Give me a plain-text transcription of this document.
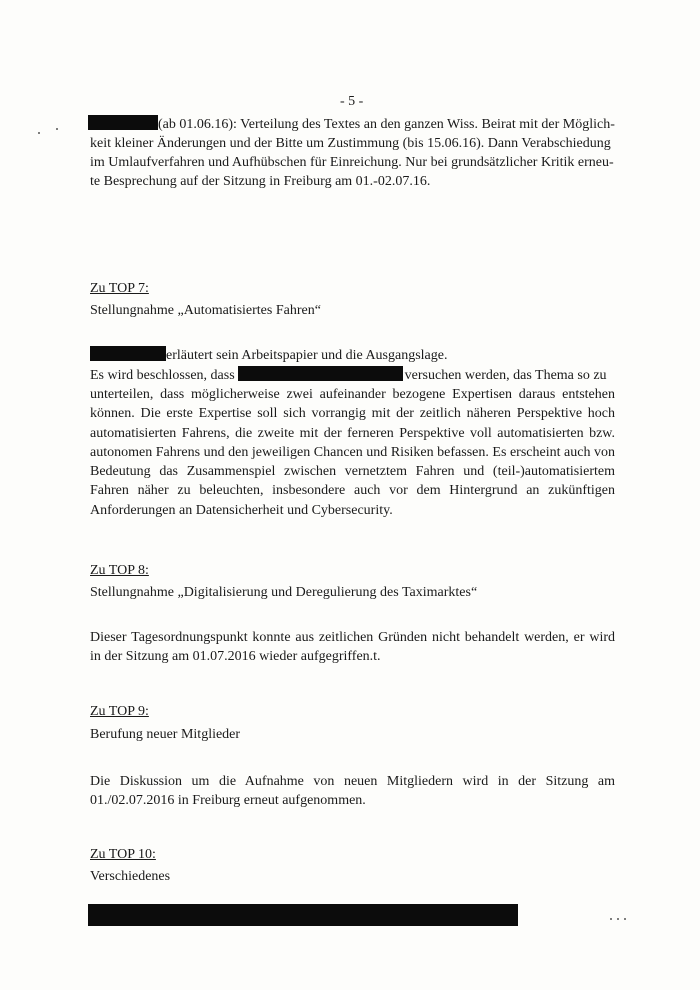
- 5 -
(ab 01.06.16): Verteilung des Textes an den ganzen Wiss. Beirat mit der Möglich-
keit kleiner Änderungen und der Bitte um Zustimmung (bis 15.06.16). Dann Verabschiedung
im Umlaufverfahren und Aufhübschen für Einreichung. Nur bei grundsätzlicher Kritik erneu-
te Besprechung auf der Sitzung in Freiburg am 01.-02.07.16.
Zu TOP 7:
Stellungnahme „Automatisiertes Fahren“
erläutert sein Arbeitspapier und die Ausgangslage.
Es wird beschlossen, dass	versuchen werden, das Thema so zu
unterteilen, dass möglicherweise zwei aufeinander bezogene Expertisen daraus entstehen können. Die erste Expertise soll sich vorrangig mit der zeitlich näheren Perspektive hoch automatisierten Fahrens, die zweite mit der ferneren Perspektive voll automatisierten bzw. autonomen Fahrens und den jeweiligen Chancen und Risiken befassen. Es erscheint auch von Bedeutung das Zusammenspiel zwischen vernetztem Fahren und (teil-)automatisiertem Fahren näher zu beleuchten, insbesondere auch vor dem Hintergrund an zukünftigen Anforderungen an Datensicherheit und Cybersecurity.
Zu TOP 8:
Stellungnahme „Digitalisierung und Deregulierung des Taximarktes“
Dieser Tagesordnungspunkt konnte aus zeitlichen Gründen nicht behandelt werden, er wird in der Sitzung am 01.07.2016 wieder aufgegriffen.t.
Zu TOP 9:
Berufung neuer Mitglieder
Die Diskussion um die Aufnahme von neuen Mitgliedern wird in der Sitzung am 01./02.07.2016 in Freiburg erneut aufgenommen.
Zu TOP 10:
Verschiedenes
